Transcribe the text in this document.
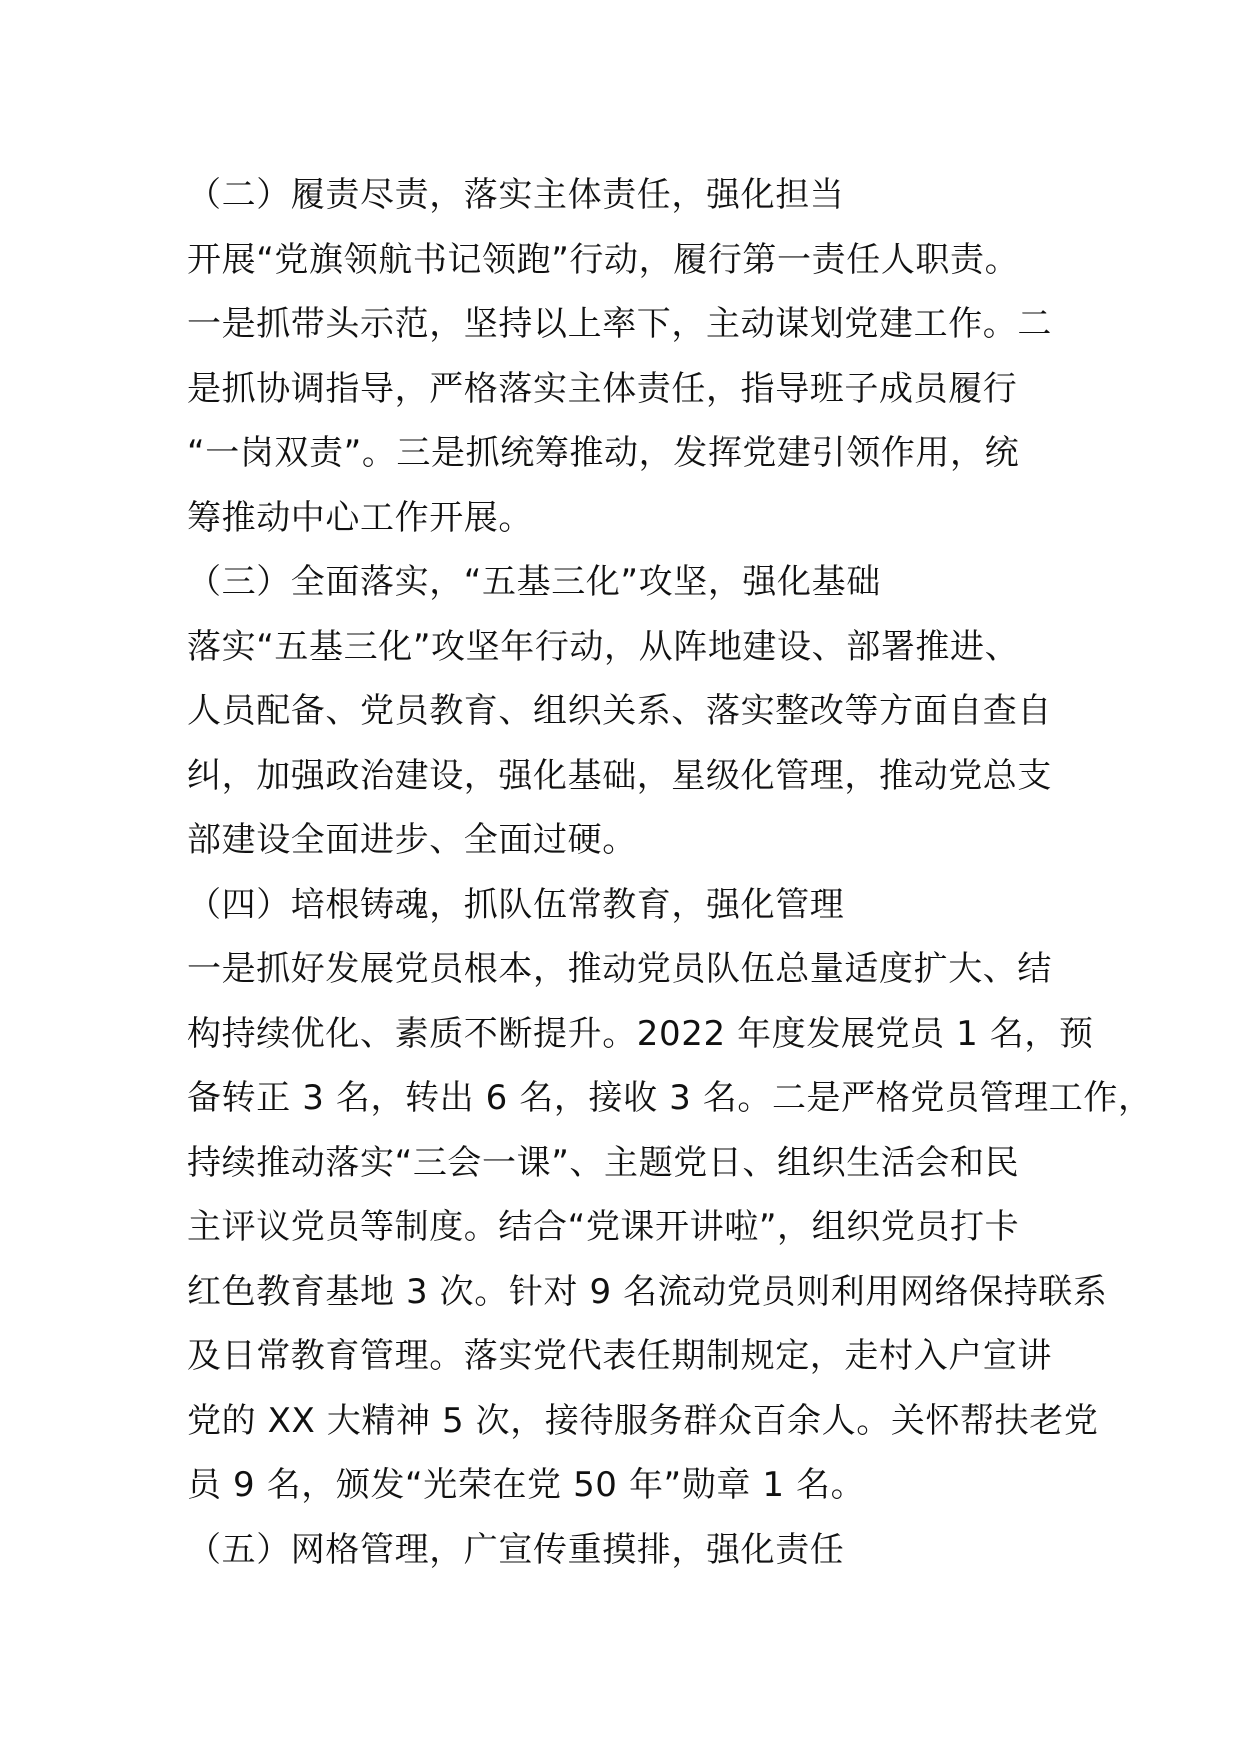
（二）履责尽责，落实主体责任，强化担当
开展“党旗领航书记领跑”行动，履行第一责任人职责。
一是抓带头示范，坚持以上率下，主动谋划党建工作。二
是抓协调指导，严格落实主体责任，指导班子成员履行
“一岗双责”。三是抓统筹推动，发挥党建引领作用，统
筹推动中心工作开展。
（三）全面落实，“五基三化”攻坚，强化基础
落实“五基三化”攻坚年行动，从阵地建设、部署推进、
人员配备、党员教育、组织关系、落实整改等方面自查自
纠，加强政治建设，强化基础，星级化管理，推动党总支
部建设全面进步、全面过硬。
（四）培根铸魂，抓队伍常教育，强化管理
一是抓好发展党员根本，推动党员队伍总量适度扩大、结
构持续优化、素质不断提升。2022 年度发展党员 1 名，预
备转正 3 名，转出 6 名，接收 3 名。二是严格党员管理工作，
持续推动落实“三会一课”、主题党日、组织生活会和民
主评议党员等制度。结合“党课开讲啦”，组织党员打卡
红色教育基地 3 次。针对 9 名流动党员则利用网络保持联系
及日常教育管理。落实党代表任期制规定，走村入户宣讲
党的 XX 大精神 5 次，接待服务群众百余人。关怀帮扶老党
员 9 名，颁发“光荣在党 50 年”勋章 1 名。
（五）网格管理，广宣传重摸排，强化责任
